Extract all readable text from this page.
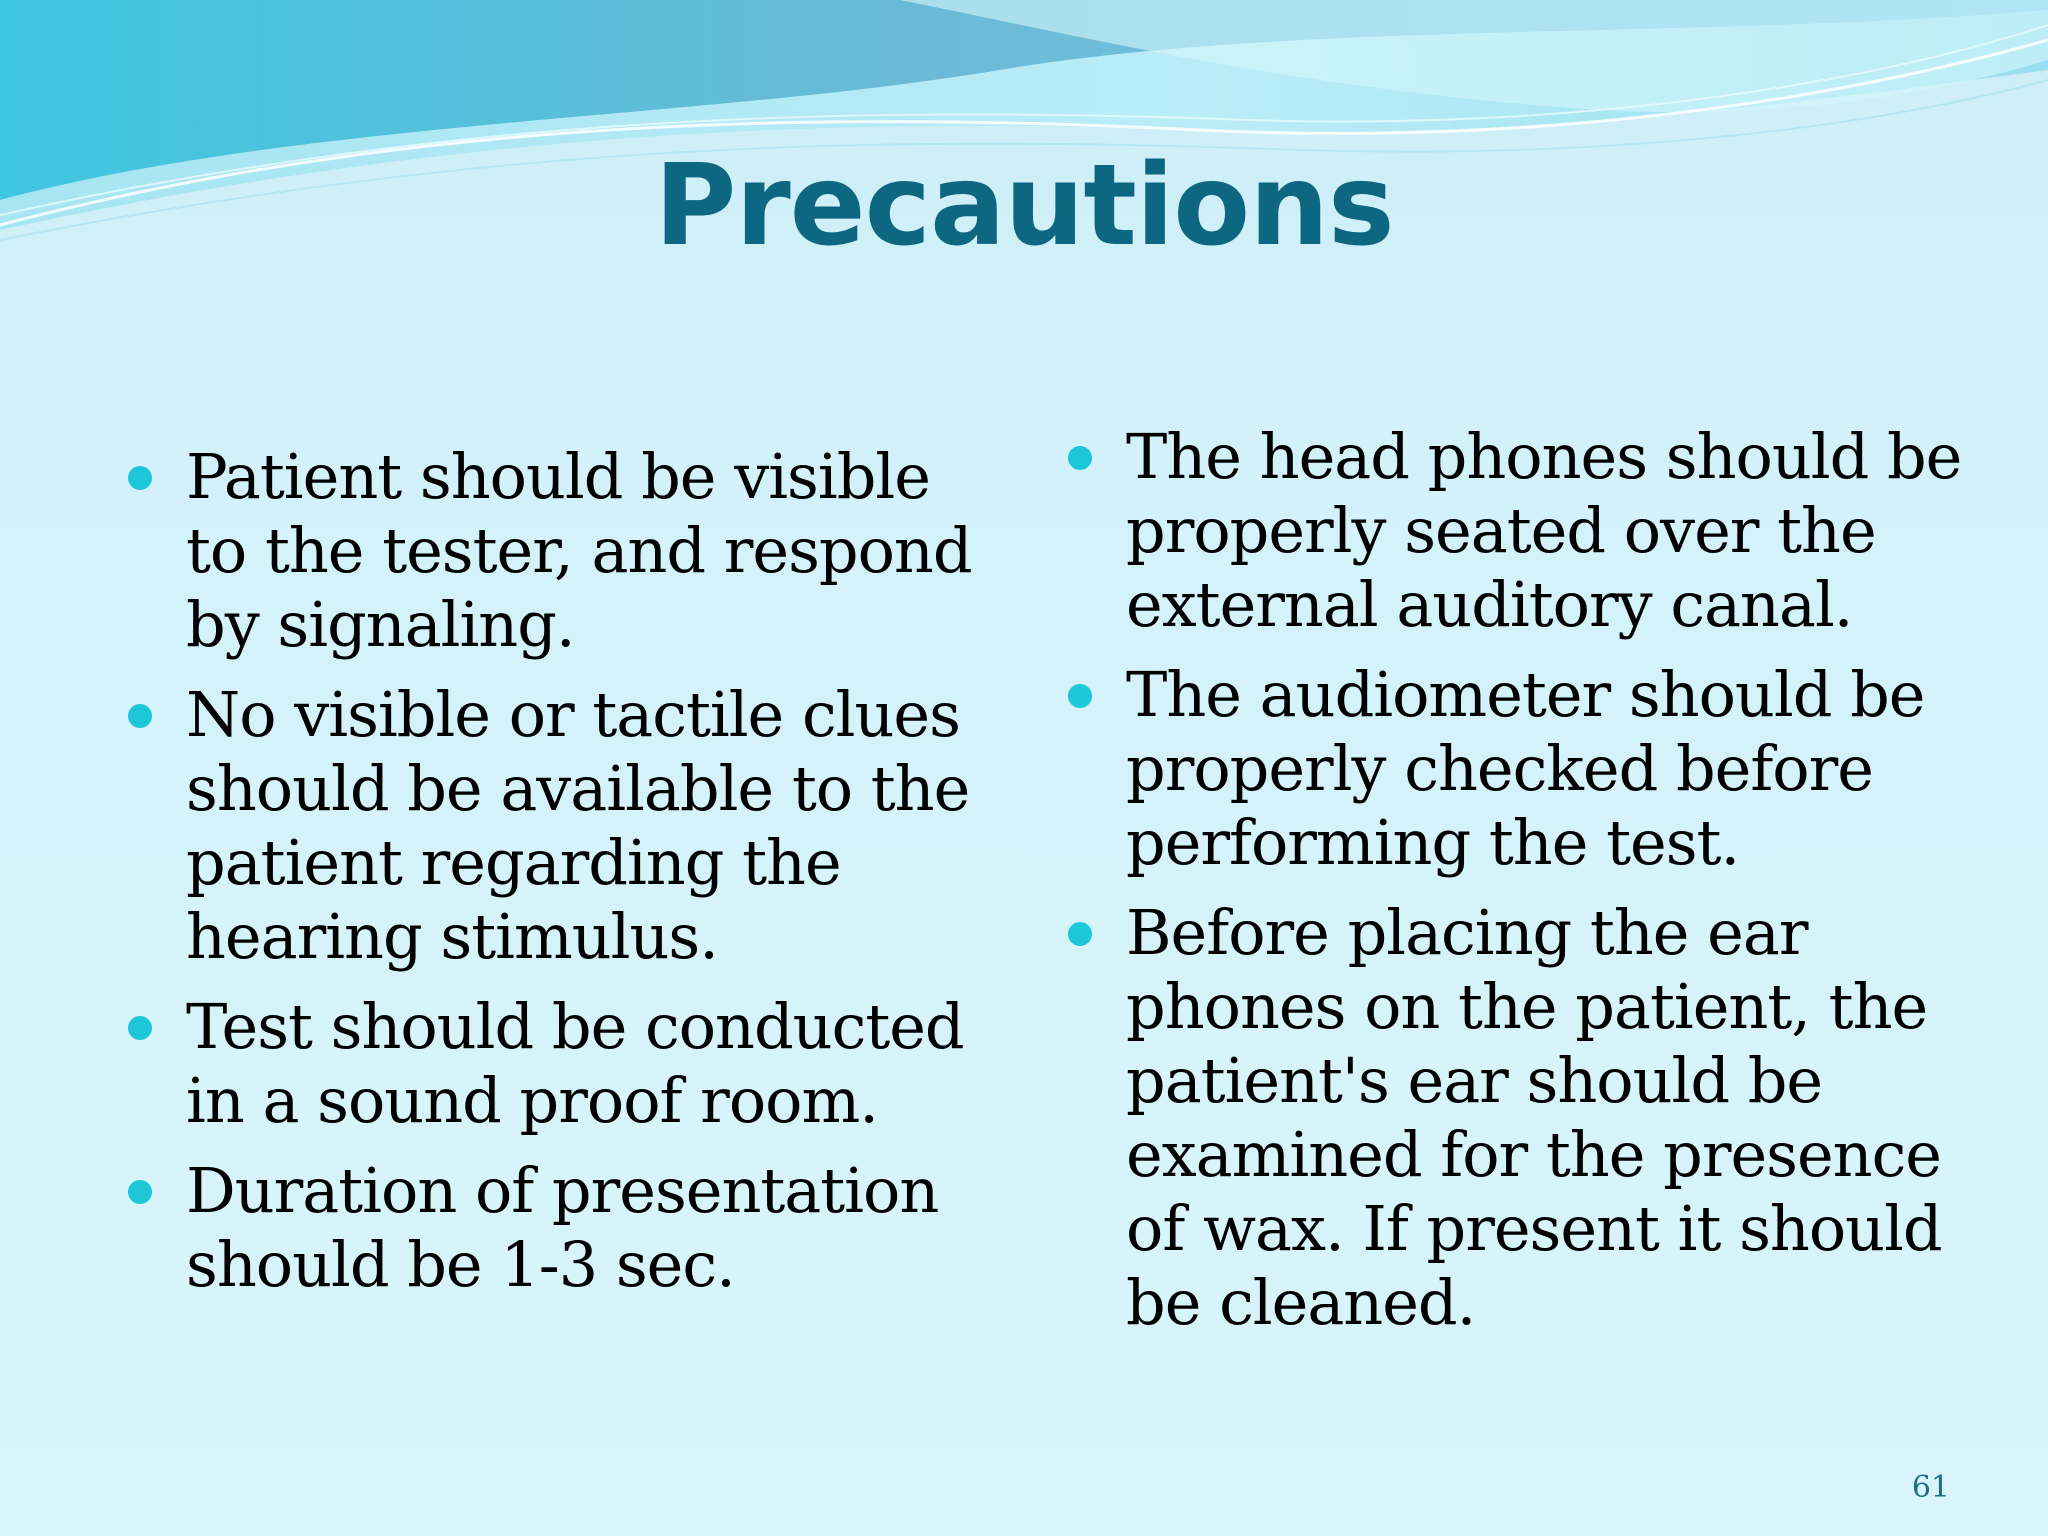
Precautions
Patient should be visible to the tester, and respond by signaling.
No visible or tactile clues should be available to the patient regarding the hearing stimulus.
Test should be conducted in a sound proof room.
Duration of presentation should be 1-3 sec.
The head phones should be properly seated over the external auditory canal.
The audiometer should be properly checked before performing the test.
Before placing the ear phones on the patient, the patient's ear should be examined for the presence of wax. If present it should be cleaned.
61
